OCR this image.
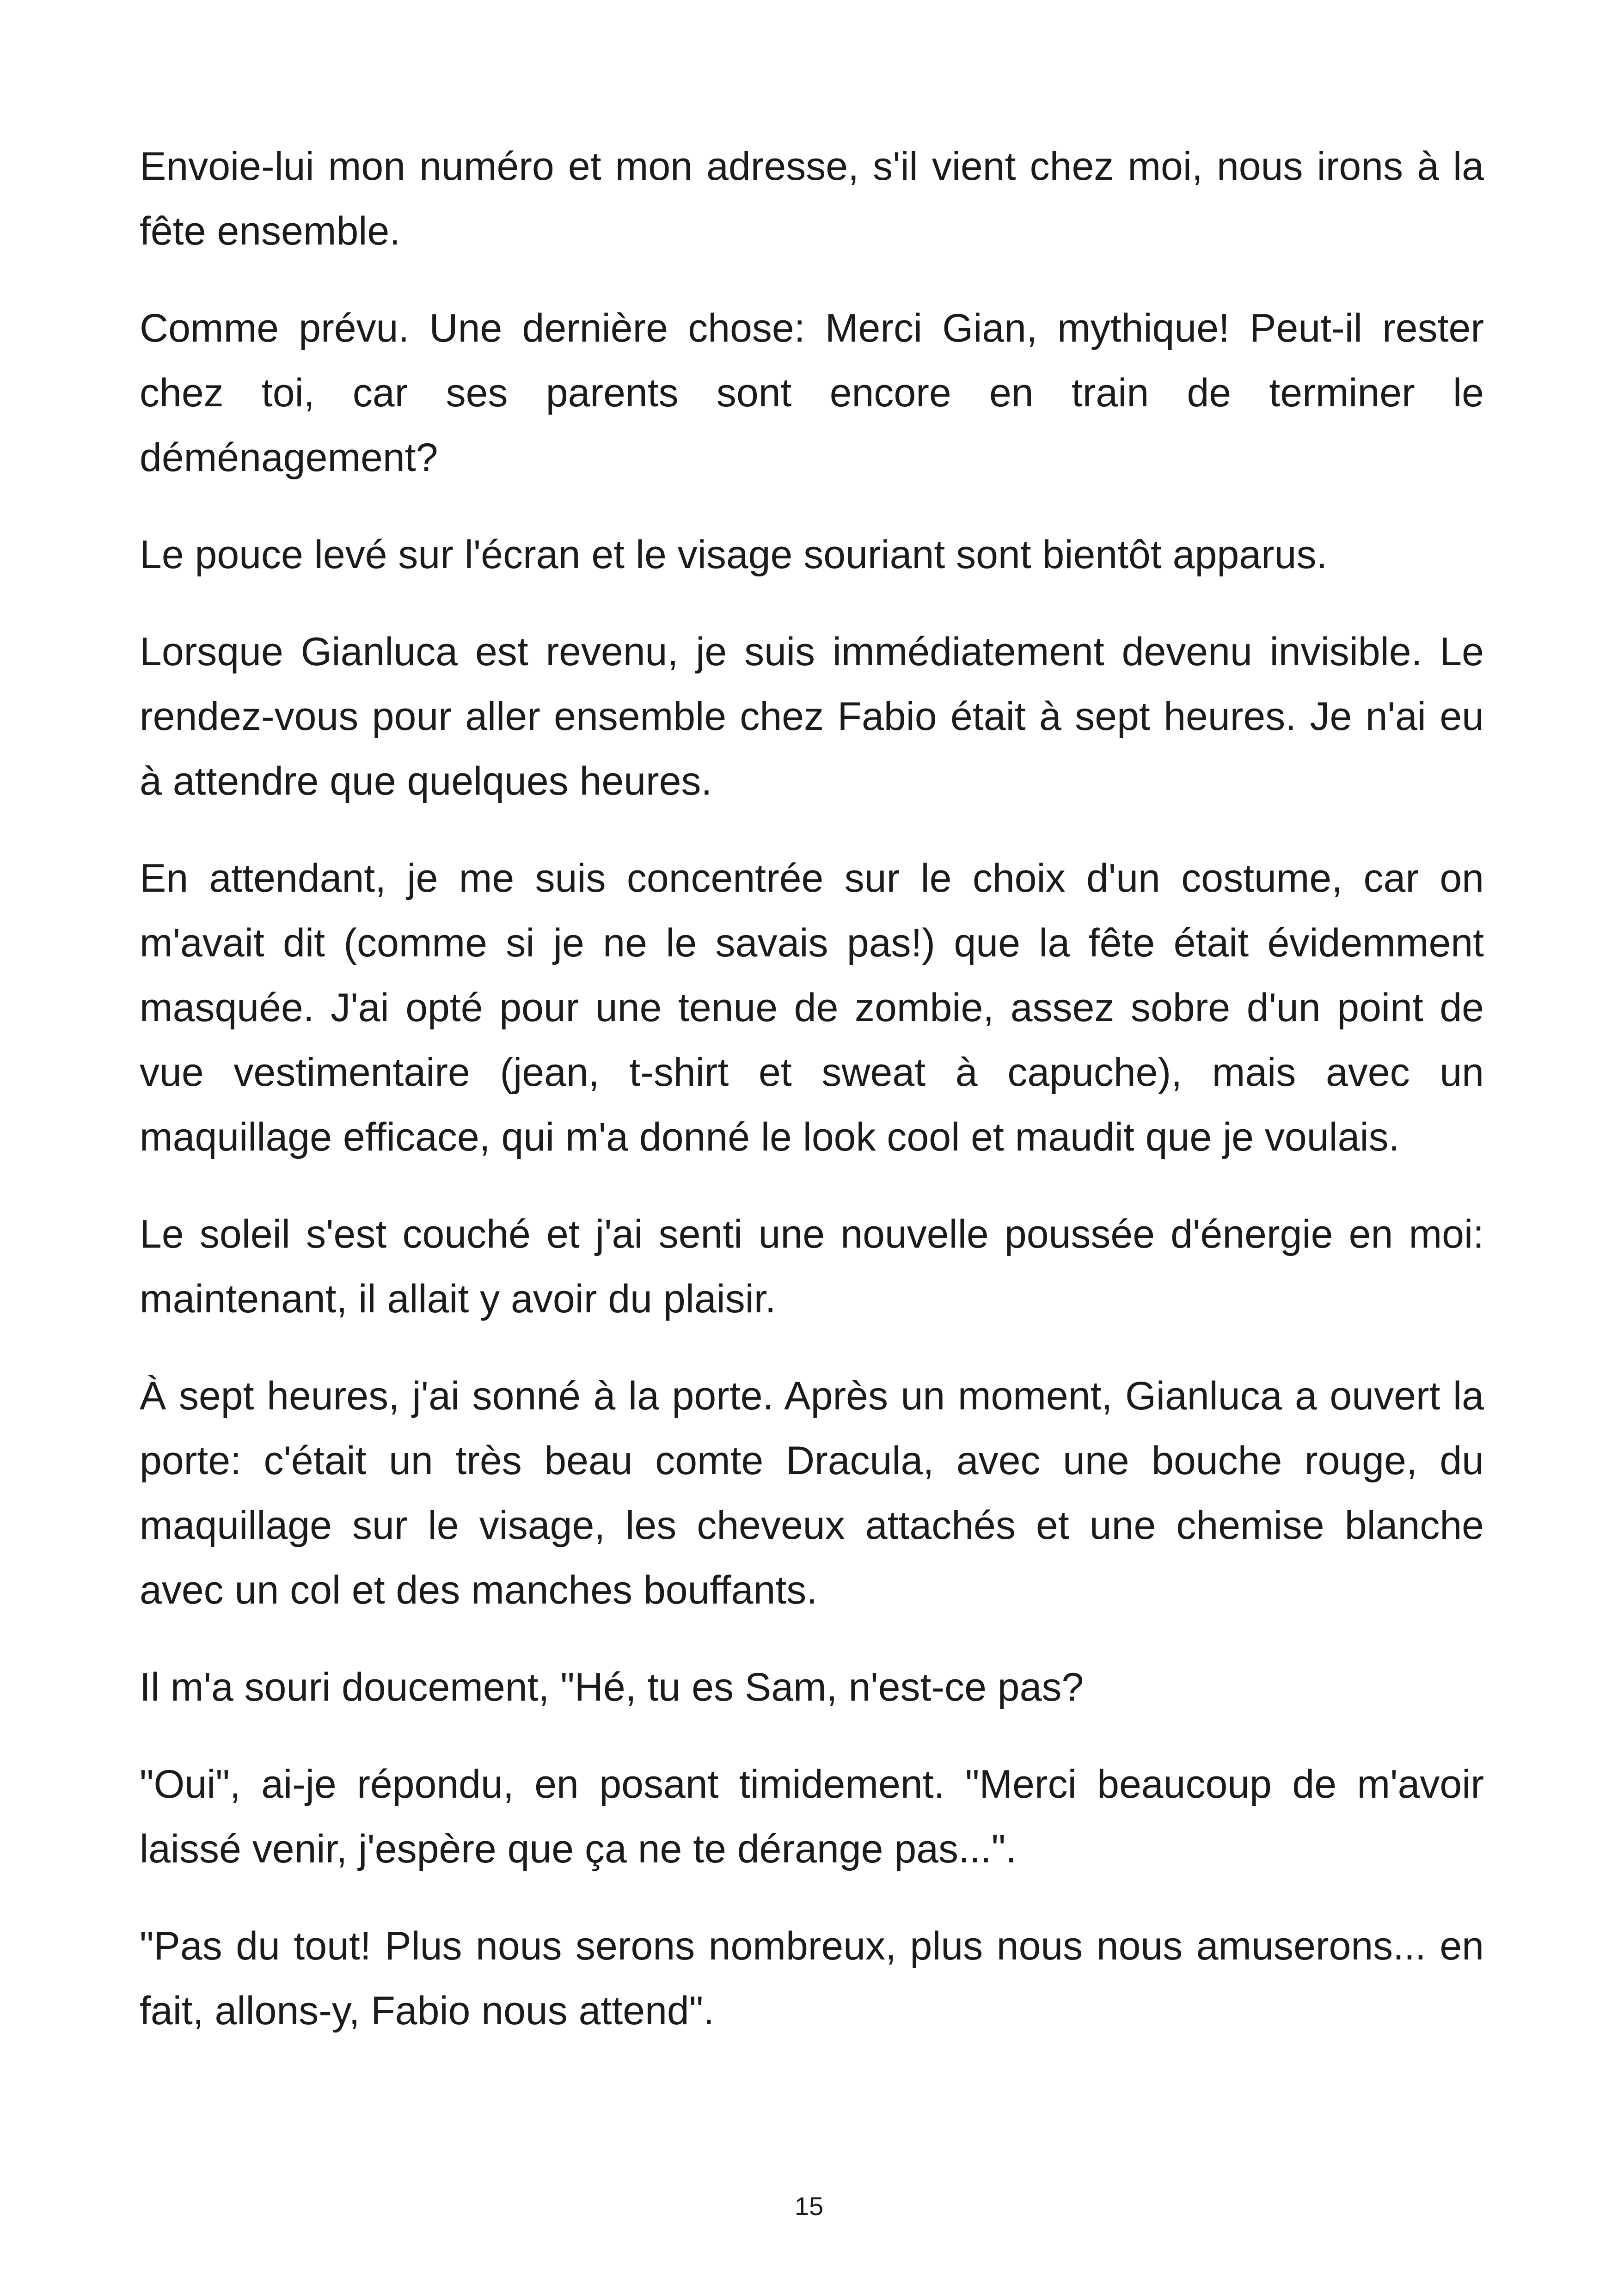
Envoie-lui mon numéro et mon adresse, s'il vient chez moi, nous irons à la fête ensemble.

Comme prévu. Une dernière chose: Merci Gian, mythique! Peut-il rester chez toi, car ses parents sont encore en train de terminer le déménagement?

Le pouce levé sur l'écran et le visage souriant sont bientôt apparus.

Lorsque Gianluca est revenu, je suis immédiatement devenu invisible. Le rendez-vous pour aller ensemble chez Fabio était à sept heures. Je n'ai eu à attendre que quelques heures.

En attendant, je me suis concentrée sur le choix d'un costume, car on m'avait dit (comme si je ne le savais pas!) que la fête était évidemment masquée. J'ai opté pour une tenue de zombie, assez sobre d'un point de vue vestimentaire (jean, t-shirt et sweat à capuche), mais avec un maquillage efficace, qui m'a donné le look cool et maudit que je voulais.

Le soleil s'est couché et j'ai senti une nouvelle poussée d'énergie en moi: maintenant, il allait y avoir du plaisir.

À sept heures, j'ai sonné à la porte. Après un moment, Gianluca a ouvert la porte: c'était un très beau comte Dracula, avec une bouche rouge, du maquillage sur le visage, les cheveux attachés et une chemise blanche avec un col et des manches bouffants.

Il m'a souri doucement, "Hé, tu es Sam, n'est-ce pas?

"Oui", ai-je répondu, en posant timidement. "Merci beaucoup de m'avoir laissé venir, j'espère que ça ne te dérange pas...".

"Pas du tout! Plus nous serons nombreux, plus nous nous amuserons... en fait, allons-y, Fabio nous attend".

15
